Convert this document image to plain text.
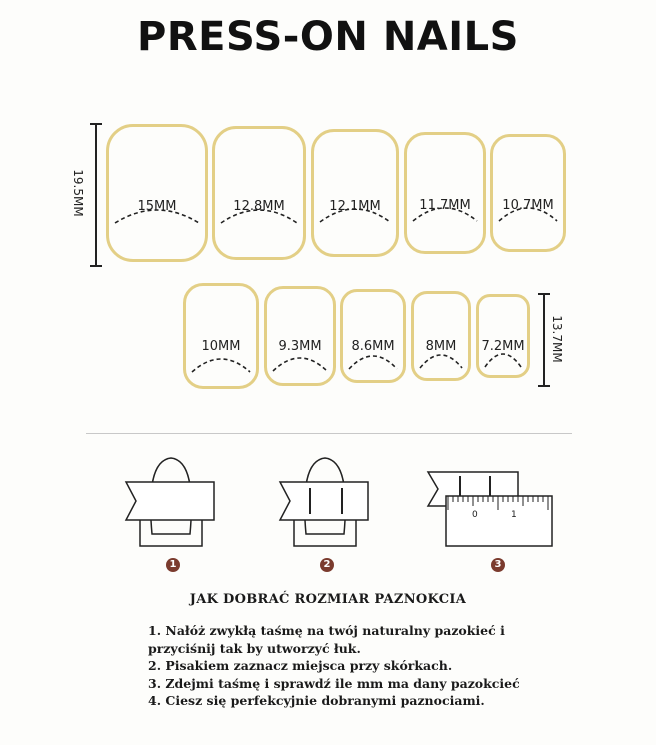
PRESS-ON NAILS
19.5MM	15MM	12.8MM	12.1MM	11.7MM	10.7MM
10MM	9.3MM	8.6MM	8MM	7.2MM 13.7MM
1	2
0	1
3
JAK DOBRAĆ ROZMIAR PAZNOKCIA
1. Nałóż zwykłą taśmę na twój naturalny pazokieć i
przyciśnij tak by utworzyć łuk.
2. Pisakiem zaznacz miejsca przy skórkach.
3. Zdejmi taśmę i sprawdź ile mm ma dany pazokcieć
4. Ciesz się perfekcyjnie dobranymi paznociami.
